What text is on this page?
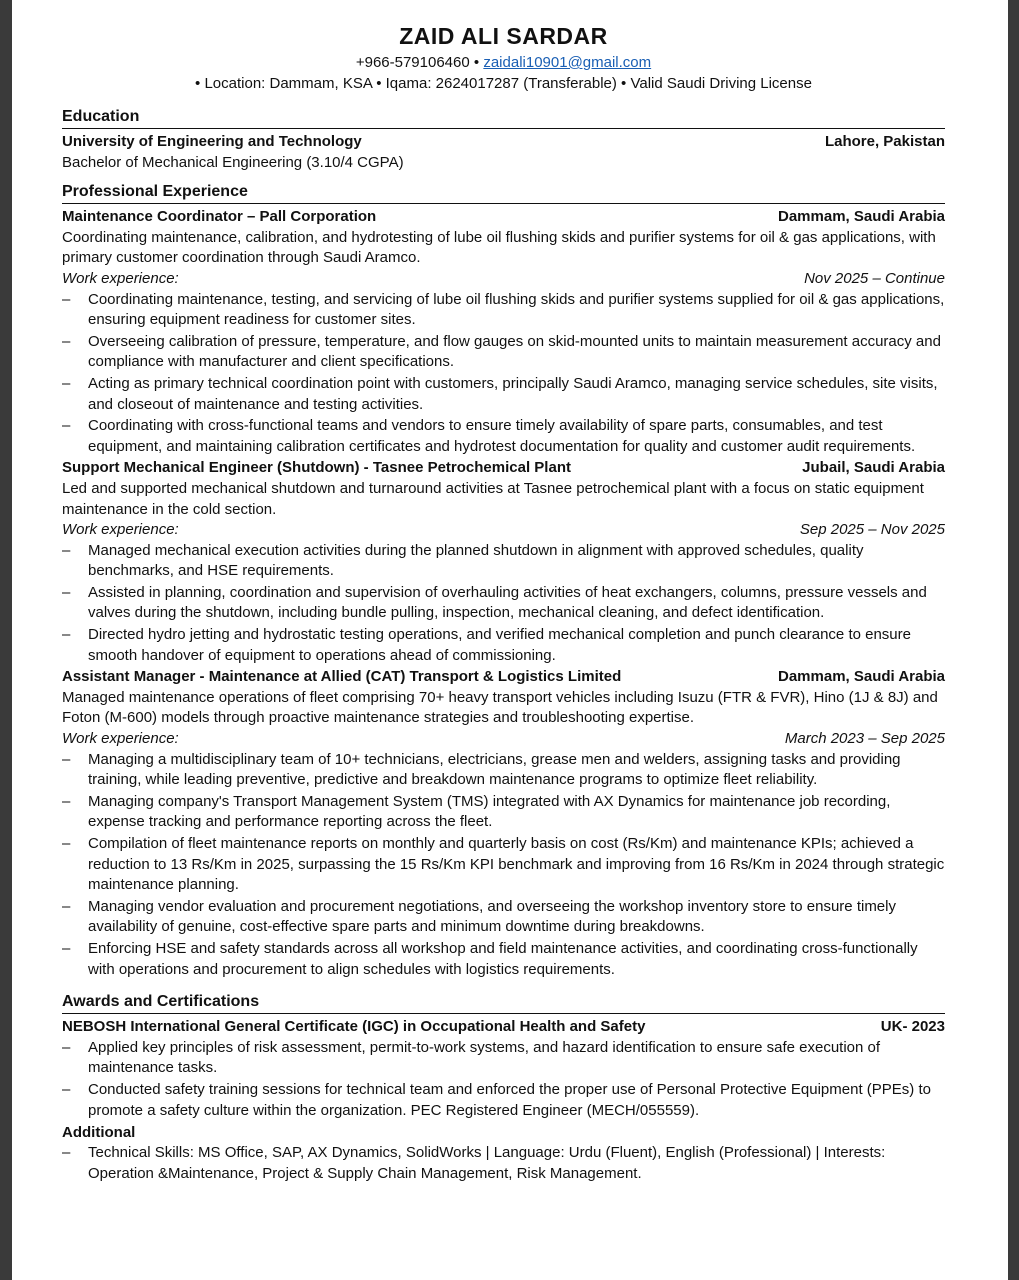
ZAID ALI SARDAR
+966-579106460 • zaidali10901@gmail.com
• Location: Dammam, KSA • Iqama: 2624017287 (Transferable) • Valid Saudi Driving License
Education
University of Engineering and Technology	Lahore, Pakistan
Bachelor of Mechanical Engineering (3.10/4 CGPA)
Professional Experience
Maintenance Coordinator – Pall Corporation	Dammam, Saudi Arabia
Coordinating maintenance, calibration, and hydrotesting of lube oil flushing skids and purifier systems for oil & gas applications, with primary customer coordination through Saudi Aramco.
Work experience:	Nov 2025 – Continue
–	Coordinating maintenance, testing, and servicing of lube oil flushing skids and purifier systems supplied for oil & gas applications, ensuring equipment readiness for customer sites.
–	Overseeing calibration of pressure, temperature, and flow gauges on skid-mounted units to maintain measurement accuracy and compliance with manufacturer and client specifications.
–	Acting as primary technical coordination point with customers, principally Saudi Aramco, managing service schedules, site visits, and closeout of maintenance and testing activities.
–	Coordinating with cross-functional teams and vendors to ensure timely availability of spare parts, consumables, and test equipment, and maintaining calibration certificates and hydrotest documentation for quality and customer audit requirements.
Support Mechanical Engineer (Shutdown) - Tasnee Petrochemical Plant	Jubail, Saudi Arabia
Led and supported mechanical shutdown and turnaround activities at Tasnee petrochemical plant with a focus on static equipment maintenance in the cold section.
Work experience:	Sep 2025 – Nov 2025
–	Managed mechanical execution activities during the planned shutdown in alignment with approved schedules, quality benchmarks, and HSE requirements.
–	Assisted in planning, coordination and supervision of overhauling activities of heat exchangers, columns, pressure vessels and valves during the shutdown, including bundle pulling, inspection, mechanical cleaning, and defect identification.
–	Directed hydro jetting and hydrostatic testing operations, and verified mechanical completion and punch clearance to ensure smooth handover of equipment to operations ahead of commissioning.
Assistant Manager - Maintenance at Allied (CAT) Transport & Logistics Limited	Dammam, Saudi Arabia
Managed maintenance operations of fleet comprising 70+ heavy transport vehicles including Isuzu (FTR & FVR), Hino (1J & 8J) and Foton (M-600) models through proactive maintenance strategies and troubleshooting expertise.
Work experience:	March 2023 – Sep 2025
–	Managing a multidisciplinary team of 10+ technicians, electricians, grease men and welders, assigning tasks and providing training, while leading preventive, predictive and breakdown maintenance programs to optimize fleet reliability.
–	Managing company's Transport Management System (TMS) integrated with AX Dynamics for maintenance job recording, expense tracking and performance reporting across the fleet.
–	Compilation of fleet maintenance reports on monthly and quarterly basis on cost (Rs/Km) and maintenance KPIs; achieved a reduction to 13 Rs/Km in 2025, surpassing the 15 Rs/Km KPI benchmark and improving from 16 Rs/Km in 2024 through strategic maintenance planning.
–	Managing vendor evaluation and procurement negotiations, and overseeing the workshop inventory store to ensure timely availability of genuine, cost-effective spare parts and minimum downtime during breakdowns.
–	Enforcing HSE and safety standards across all workshop and field maintenance activities, and coordinating cross-functionally with operations and procurement to align schedules with logistics requirements.
Awards and Certifications
NEBOSH International General Certificate (IGC) in Occupational Health and Safety	UK- 2023
–	Applied key principles of risk assessment, permit-to-work systems, and hazard identification to ensure safe execution of maintenance tasks.
–	Conducted safety training sessions for technical team and enforced the proper use of Personal Protective Equipment (PPEs) to promote a safety culture within the organization. PEC Registered Engineer (MECH/055559).
Additional
–	Technical Skills: MS Office, SAP, AX Dynamics, SolidWorks | Language: Urdu (Fluent), English (Professional) | Interests: Operation &Maintenance, Project & Supply Chain Management, Risk Management.
